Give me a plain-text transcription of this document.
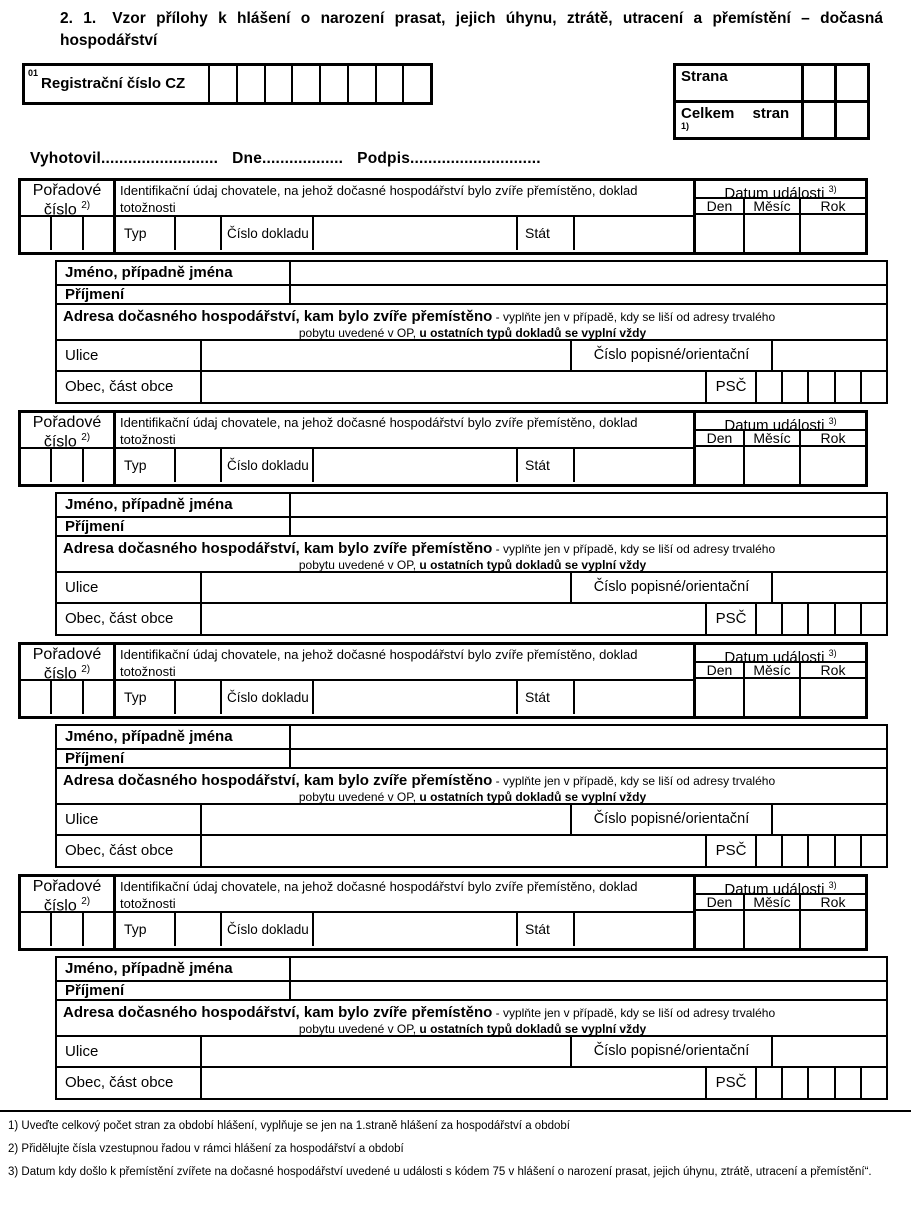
2. 1. Vzor přílohy k hlášení o narození prasat, jejich úhynu, ztrátě, utracení a přemístění – dočasná hospodářství
01
Registrační číslo CZ	Strana
Celkem stran
1)
Vyhotovil.......................... Dne.................. Podpis.............................
Pořadové číslo $^{2)}$
Identifikační údaj chovatele, na jehož dočasné hospodářství bylo zvíře přemístěno, doklad totožnosti
Typ	Číslo dokladu	Stát
Datum události $^{3)}$
Den	Měsíc	Rok
Jméno, případně jména
Příjmení
Adresa dočasného hospodářství, kam bylo zvíře přemístěno - vyplňte jen v případě, kdy se liší od adresy trvalého
pobytu uvedené v OP, u ostatních typů dokladů se vyplní vždy
Ulice	Číslo popisné/orientační
Obec, část obce	PSČ
Pořadové číslo $^{2)}$
Identifikační údaj chovatele, na jehož dočasné hospodářství bylo zvíře přemístěno, doklad totožnosti
Typ	Číslo dokladu	Stát
Datum události $^{3)}$
Den	Měsíc	Rok
Jméno, případně jména
Příjmení
Adresa dočasného hospodářství, kam bylo zvíře přemístěno - vyplňte jen v případě, kdy se liší od adresy trvalého
pobytu uvedené v OP, u ostatních typů dokladů se vyplní vždy
Ulice	Číslo popisné/orientační
Obec, část obce	PSČ
Pořadové číslo $^{2)}$
Identifikační údaj chovatele, na jehož dočasné hospodářství bylo zvíře přemístěno, doklad totožnosti
Typ	Číslo dokladu	Stát
Datum události $^{3)}$
Den	Měsíc	Rok
Jméno, případně jména
Příjmení
Adresa dočasného hospodářství, kam bylo zvíře přemístěno - vyplňte jen v případě, kdy se liší od adresy trvalého
pobytu uvedené v OP, u ostatních typů dokladů se vyplní vždy
Ulice	Číslo popisné/orientační
Obec, část obce	PSČ
Pořadové číslo $^{2)}$
Identifikační údaj chovatele, na jehož dočasné hospodářství bylo zvíře přemístěno, doklad totožnosti
Typ	Číslo dokladu	Stát
Datum události $^{3)}$
Den	Měsíc	Rok
Jméno, případně jména
Příjmení
Adresa dočasného hospodářství, kam bylo zvíře přemístěno - vyplňte jen v případě, kdy se liší od adresy trvalého
pobytu uvedené v OP, u ostatních typů dokladů se vyplní vždy
Ulice	Číslo popisné/orientační
Obec, část obce	PSČ
1) Uveďte celkový počet stran za období hlášení, vyplňuje se jen na 1.straně hlášení za hospodářství a období
2) Přidělujte čísla vzestupnou řadou v rámci hlášení za hospodářství a období
3) Datum kdy došlo k přemístění zvířete na dočasné hospodářství uvedené u události s kódem 75 v hlášení o narození prasat, jejich úhynu, ztrátě, utracení a přemístění“.
